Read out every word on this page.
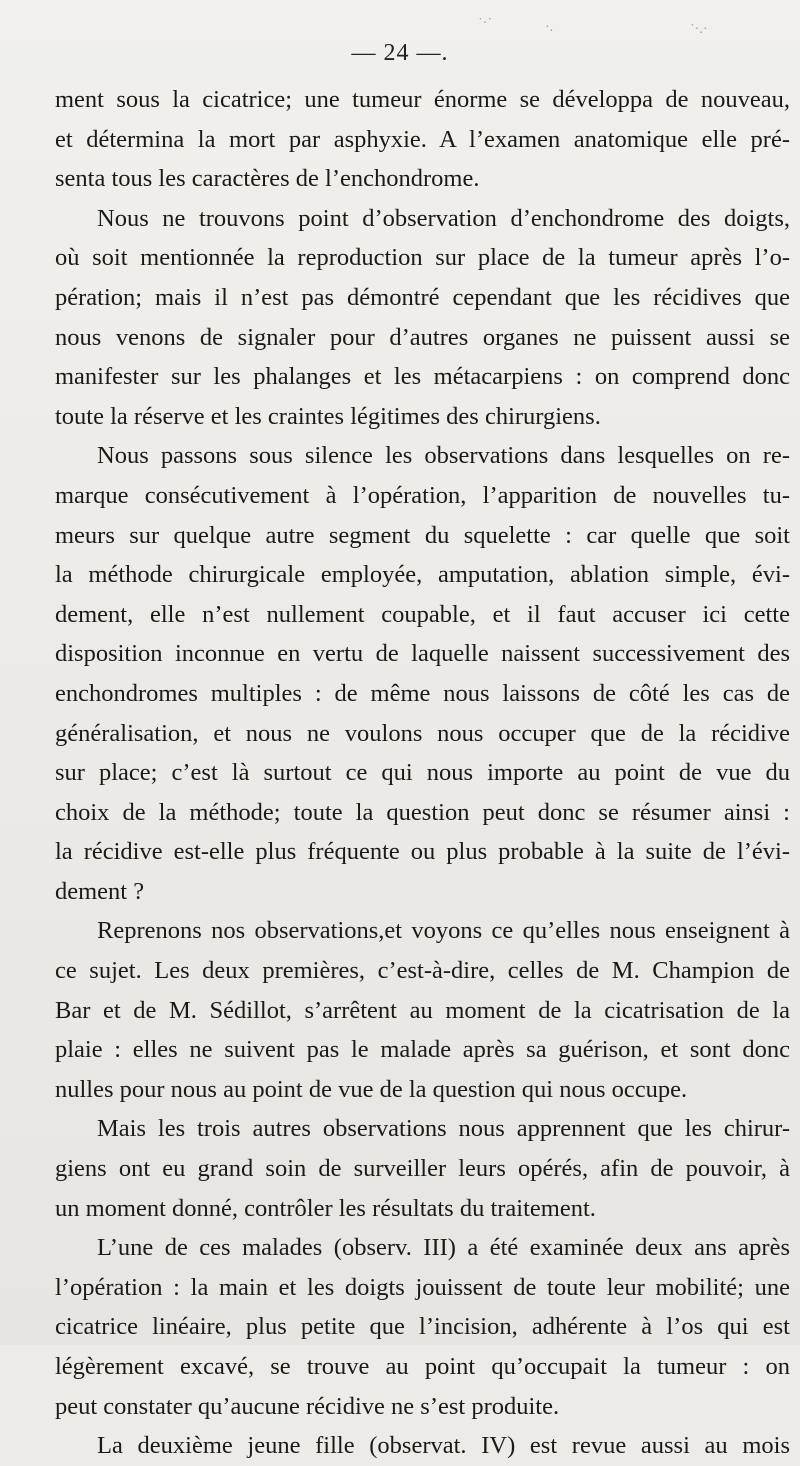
˙·˙	·.	˙·.·
— 24 —.
ment sous la cicatrice; une tumeur énorme se développa de nouveau,
et détermina la mort par asphyxie. A l’examen anatomique elle pré-
senta tous les caractères de l’enchondrome.
Nous ne trouvons point d’observation d’enchondrome des doigts,
où soit mentionnée la reproduction sur place de la tumeur après l’o-
pération; mais il n’est pas démontré cependant que les récidives que
nous venons de signaler pour d’autres organes ne puissent aussi se
manifester sur les phalanges et les métacarpiens : on comprend donc
toute la réserve et les craintes légitimes des chirurgiens.
Nous passons sous silence les observations dans lesquelles on re-
marque consécutivement à l’opération, l’apparition de nouvelles tu-
meurs sur quelque autre segment du squelette : car quelle que soit
la méthode chirurgicale employée, amputation, ablation simple, évi-
dement, elle n’est nullement coupable, et il faut accuser ici cette
disposition inconnue en vertu de laquelle naissent successivement des
enchondromes multiples : de même nous laissons de côté les cas de
généralisation, et nous ne voulons nous occuper que de la récidive
sur place; c’est là surtout ce qui nous importe au point de vue du
choix de la méthode; toute la question peut donc se résumer ainsi :
la récidive est-elle plus fréquente ou plus probable à la suite de l’évi-
dement ?
Reprenons nos observations,et voyons ce qu’elles nous enseignent à
ce sujet. Les deux premières, c’est-à-dire, celles de M. Champion de
Bar et de M. Sédillot, s’arrêtent au moment de la cicatrisation de la
plaie : elles ne suivent pas le malade après sa guérison, et sont donc
nulles pour nous au point de vue de la question qui nous occupe.
Mais les trois autres observations nous apprennent que les chirur-
giens ont eu grand soin de surveiller leurs opérés, afin de pouvoir, à
un moment donné, contrôler les résultats du traitement.
L’une de ces malades (observ. III) a été examinée deux ans après
l’opération : la main et les doigts jouissent de toute leur mobilité; une
cicatrice linéaire, plus petite que l’incision, adhérente à l’os qui est
légèrement excavé, se trouve au point qu’occupait la tumeur : on
peut constater qu’aucune récidive ne s’est produite.
La deuxième jeune fille (observat. IV) est revue aussi au mois
